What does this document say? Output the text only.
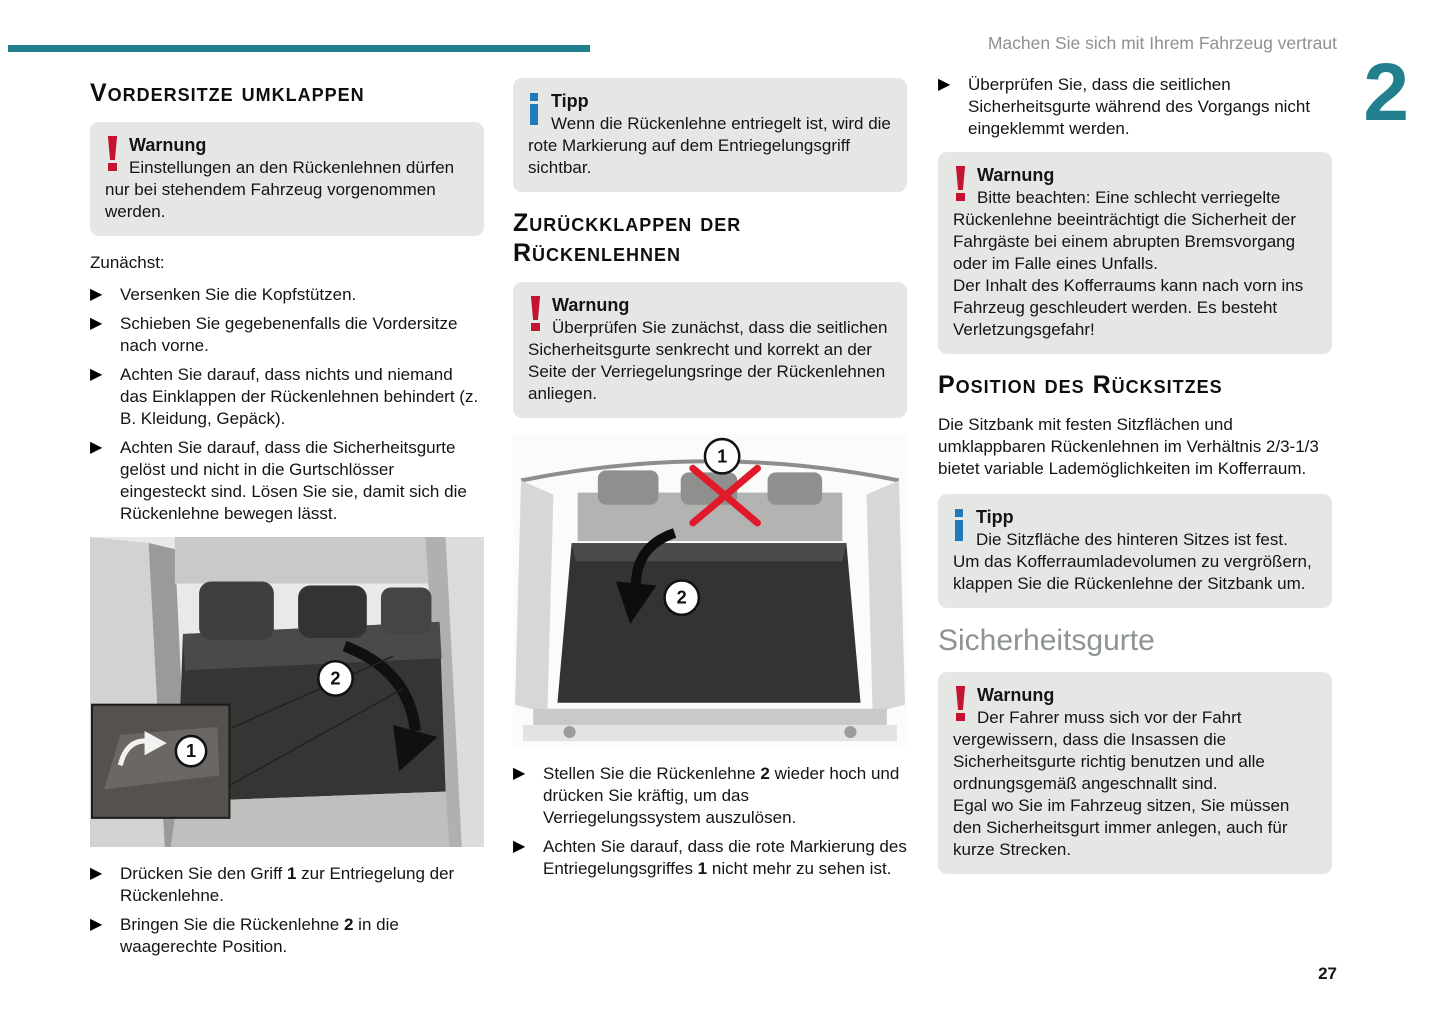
Machen Sie sich mit Ihrem Fahrzeug vertraut
2
Vordersitze umklappen
Warnung

Einstellungen an den Rückenlehnen dürfen nur bei stehendem Fahrzeug vorgenommen werden.

Zunächst:

▶ Versenken Sie die Kopfstützen.
▶ Schieben Sie gegebenenfalls die Vordersitze nach vorne.
▶ Achten Sie darauf, dass nichts und niemand das Einklappen der Rückenlehnen behindert (z. B. Kleidung, Gepäck).
▶ Achten Sie darauf, dass die Sicherheitsgurte gelöst und nicht in die Gurtschlösser eingesteckt sind. Lösen Sie sie, damit sich die Rückenlehne bewegen lässt.
1
2
▶ Drücken Sie den Griff 1 zur Entriegelung der Rückenlehne.
▶ Bringen Sie die Rückenlehne 2 in die waagerechte Position.
Tipp

Wenn die Rückenlehne entriegelt ist, wird die rote Markierung auf dem Entriegelungsgriff sichtbar.

Zurückklappen der Rückenlehnen
Warnung

Überprüfen Sie zunächst, dass die seitlichen Sicherheitsgurte senkrecht und korrekt an der Seite der Verriegelungsringe der Rückenlehnen anliegen.

1
2
▶ Stellen Sie die Rückenlehne 2 wieder hoch und drücken Sie kräftig, um das Verriegelungssystem auszulösen.
▶ Achten Sie darauf, dass die rote Markierung des Entriegelungsgriffes 1 nicht mehr zu sehen ist.
▶ Überprüfen Sie, dass die seitlichen Sicherheitsgurte während des Vorgangs nicht eingeklemmt werden.
Warnung

Bitte beachten: Eine schlecht verriegelte Rückenlehne beeinträchtigt die Sicherheit der Fahrgäste bei einem abrupten Bremsvorgang oder im Falle eines Unfalls.

Der Inhalt des Kofferraums kann nach vorn ins Fahrzeug geschleudert werden. Es besteht Verletzungsgefahr!

Position des Rücksitzes

Die Sitzbank mit festen Sitzflächen und umklappbaren Rückenlehnen im Verhältnis 2/3-1/3 bietet variable Lademöglichkeiten im Kofferraum.

Tipp

Die Sitzfläche des hinteren Sitzes ist fest. Um das Kofferraumladevolumen zu vergrößern, klappen Sie die Rückenlehne der Sitzbank um.

Sicherheitsgurte
Warnung

Der Fahrer muss sich vor der Fahrt vergewissern, dass die Insassen die Sicherheitsgurte richtig benutzen und alle ordnungsgemäß angeschnallt sind.

Egal wo Sie im Fahrzeug sitzen, Sie müssen den Sicherheitsgurt immer anlegen, auch für kurze Strecken.

27
